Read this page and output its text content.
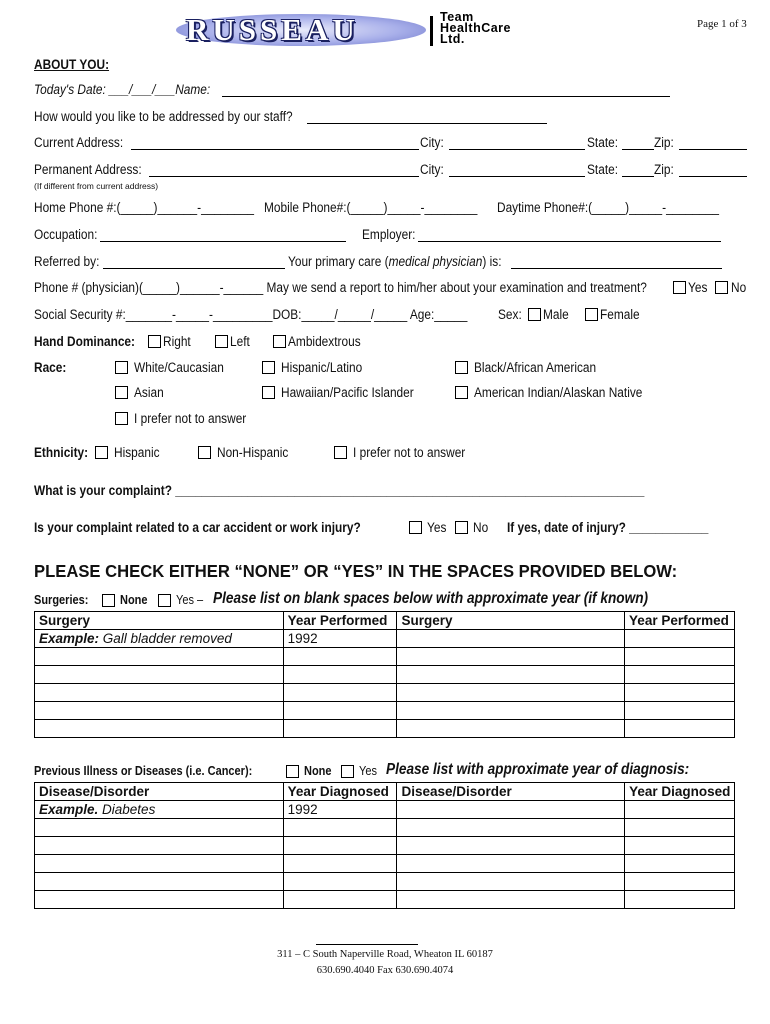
RUSSEAU	Team
HealthCare
Ltd.
Page 1 of 3
ABOUT YOU:
Today's Date: ___/___/___Name:
How would you like to be addressed by our staff?
Current Address:	City:	State:	Zip:
Permanent Address:	City:	State:	Zip:
(If different from current address)
Home Phone #:(_____)______-________ Mobile Phone#:(_____)_____-________ Daytime Phone#:(_____)_____-________
Occupation:	Employer:
Referred by:	Your primary care (medical physician) is:
Phone # (physician)(_____)______-______ May we send a report to him/her about your examination and treatment?	Yes No
Social Security #:_______-_____-_________DOB:_____/_____/_____ Age:_____ Sex: Male Female
Hand Dominance: Right	Left	Ambidextrous
Race:	White/Caucasian	Hispanic/Latino	Black/African American
Asian	Hawaiian/Pacific Islander	American Indian/Alaskan Native
I prefer not to answer
Ethnicity: Hispanic	Non-Hispanic	I prefer not to answer
What is your complaint? _______________________________________________________________________
Is your complaint related to a car accident or work injury?	Yes No If yes, date of injury? ____________
PLEASE CHECK EITHER “NONE” OR “YES” IN THE SPACES PROVIDED BELOW:
Surgeries:	None Yes – Please list on blank spaces below with approximate year (if known)
Surgery	Year Performed	Surgery	Year Performed
Example: Gall bladder removed	1992		

Previous Illness or Diseases (i.e. Cancer):	None Yes Please list with approximate year of diagnosis:
Disease/Disorder	Year Diagnosed	Disease/Disorder	Year Diagnosed
Example. Diabetes	1992		

311 – C South Naperville Road, Wheaton IL 60187
630.690.4040 Fax 630.690.4074
